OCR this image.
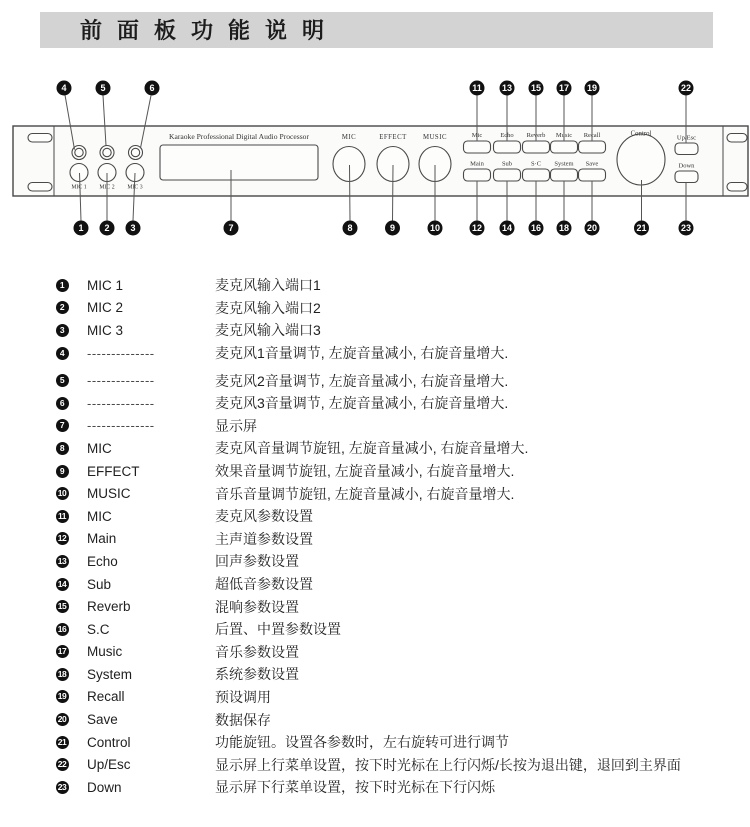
前面板功能说明
MIC 1 MIC 2 MIC 3
Karaoke Professional Digital Audio Processor	MIC	EFFECT MUSIC	Mic	Echo Reverb Music Recall
Main	Sub	S·C System Save
Control
Up/Esc
Down
4	5	6	11 13 15 17 19	22
1 2 3	7	8	9	10	12 14 16 18 20	21	23
1	MIC 1	麦克风输入端口1
2	MIC 2	麦克风输入端口2
3	MIC 3	麦克风输入端口3
4	--------------	麦克风1音量调节, 左旋音量减小, 右旋音量增大.
5	--------------	麦克风2音量调节, 左旋音量减小, 右旋音量增大.
6	--------------	麦克风3音量调节, 左旋音量减小, 右旋音量增大.
7	--------------	显示屏
8	MIC	麦克风音量调节旋钮, 左旋音量减小, 右旋音量增大.
9	EFFECT	效果音量调节旋钮, 左旋音量减小, 右旋音量增大.
10 MUSIC	音乐音量调节旋钮, 左旋音量减小, 右旋音量增大.
11 MIC	麦克风参数设置
12 Main	主声道参数设置
13 Echo	回声参数设置
14 Sub	超低音参数设置
15 Reverb	混响参数设置
16 S.C	后置、中置参数设置
17 Music	音乐参数设置
18 System	系统参数设置
19 Recall	预设调用
20 Save	数据保存
21 Control	功能旋钮。设置各参数时，左右旋转可进行调节
22 Up/Esc	显示屏上行菜单设置，按下时光标在上行闪烁/长按为退出键，退回到主界面
23 Down	显示屏下行菜单设置，按下时光标在下行闪烁
